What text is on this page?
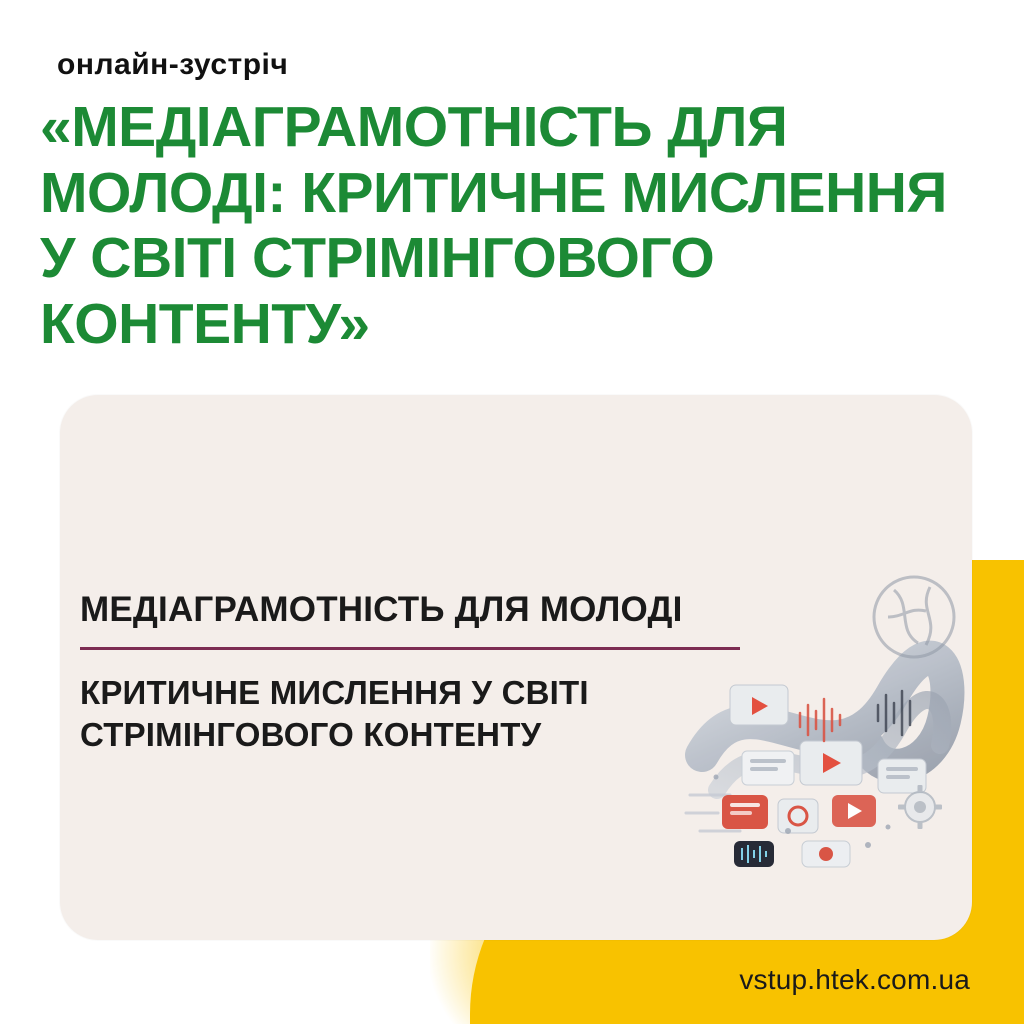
онлайн-зустріч
«МЕДІАГРАМОТНІСТЬ ДЛЯ МОЛОДІ: КРИТИЧНЕ МИСЛЕННЯ У СВІТІ СТРІМІНГОВОГО КОНТЕНТУ»
МЕДІАГРАМОТНІСТЬ ДЛЯ МОЛОДІ
КРИТИЧНЕ МИСЛЕННЯ У СВІТІ СТРІМІНГОВОГО КОНТЕНТУ
vstup.htek.com.ua
